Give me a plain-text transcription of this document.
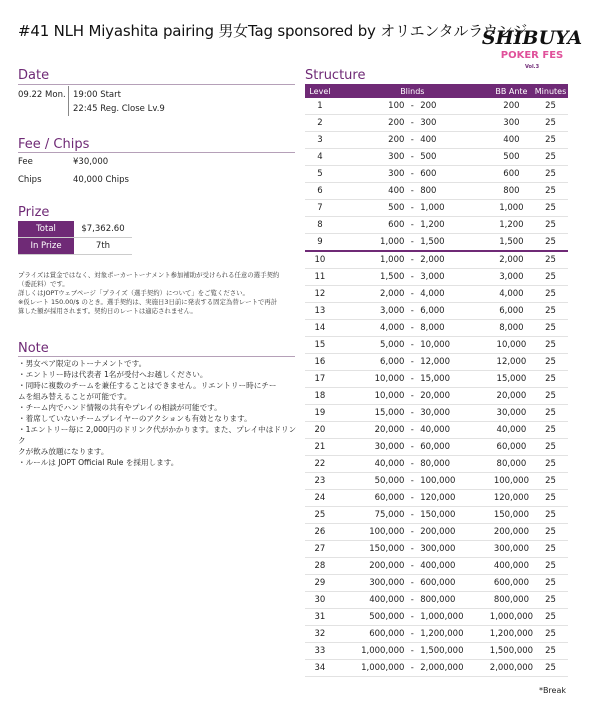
#41 NLH Miyashita pairing 男女Tag sponsored by オリエンタルラウンジ
SHIBUYA
POKER FES
Vol.3
Date
09.22 Mon. 19:00 Start
22:45 Reg. Close Lv.9
Fee / Chips
Fee	¥30,000
Chips	40,000 Chips
Prize
Total	$7,362.60
In Prize	7th
プライズは賞金ではなく、対象ポーカートーナメント参加補助が受けられる任意の選手契約
（委託料）です。
詳しくはJOPTウェブページ「プライズ（選手契約）について」をご覧ください。
※仮レート 150.00/$ のとき。選手契約は、実施日3日前に発表する固定為替レートで再計
算した額が採用されます。契約日のレートは適応されません。
Note
・男女ペア限定のトーナメントです。
・エントリー時は代表者 1名が受付へお越しください。
・同時に複数のチームを兼任することはできません。リエントリー時にチー
ムを組み替えることが可能です。
・チーム内でハンド情報の共有やプレイの相談が可能です。
・着席していないチームプレイヤーのアクションも有効となります。
・1エントリー毎に 2,000円のドリンク代がかかります。また、プレイ中はドリンク
クが飲み放題になります。
・ルールは JOPT Official Rule を採用します。
Structure
Level	Blinds			BB Ante	Minutes
1	100	-	200	200	25
2	200	-	300	300	25
3	200	-	400	400	25
4	300	-	500	500	25
5	300	-	600	600	25
6	400	-	800	800	25
7	500	-	1,000	1,000	25
8	600	-	1,200	1,200	25
9	1,000	-	1,500	1,500	25
10	1,000	-	2,000	2,000	25
11	1,500	-	3,000	3,000	25
12	2,000	-	4,000	4,000	25
13	3,000	-	6,000	6,000	25
14	4,000	-	8,000	8,000	25
15	5,000	-	10,000	10,000	25
16	6,000	-	12,000	12,000	25
17	10,000	-	15,000	15,000	25
18	10,000	-	20,000	20,000	25
19	15,000	-	30,000	30,000	25
20	20,000	-	40,000	40,000	25
21	30,000	-	60,000	60,000	25
22	40,000	-	80,000	80,000	25
23	50,000	-	100,000	100,000	25
24	60,000	-	120,000	120,000	25
25	75,000	-	150,000	150,000	25
26	100,000	-	200,000	200,000	25
27	150,000	-	300,000	300,000	25
28	200,000	-	400,000	400,000	25
29	300,000	-	600,000	600,000	25
30	400,000	-	800,000	800,000	25
31	500,000	-	1,000,000	1,000,000	25
32	600,000	-	1,200,000	1,200,000	25
33	1,000,000	-	1,500,000	1,500,000	25
34	1,000,000	-	2,000,000	2,000,000	25
*Break
